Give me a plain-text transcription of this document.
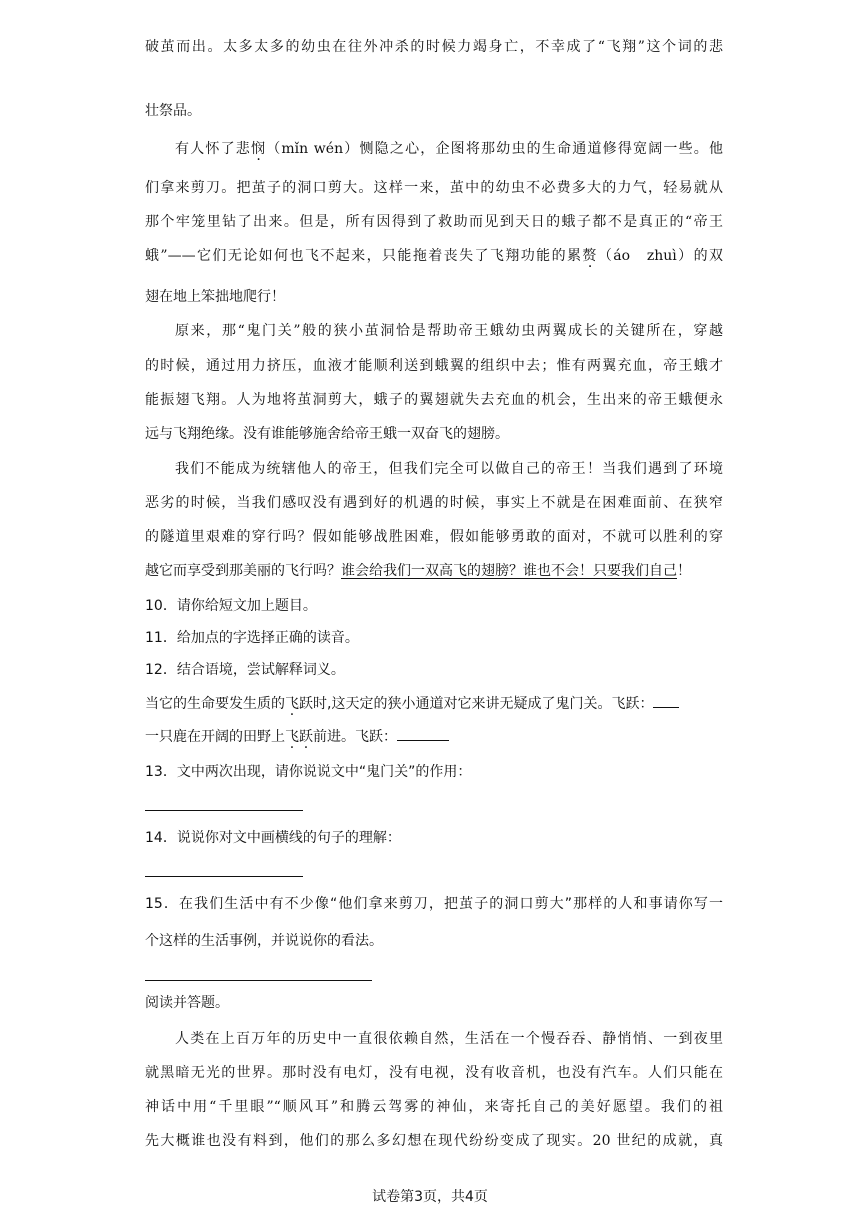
破茧而出。太多太多的幼虫在往外冲杀的时候力竭身亡，不幸成了“飞翔”这个词的悲
壮祭品。
有人怀了悲悯（mǐn wén）恻隐之心，企图将那幼虫的生命通道修得宽阔一些。他
们拿来剪刀。把茧子的洞口剪大。这样一来，茧中的幼虫不必费多大的力气，轻易就从
那个牢笼里钻了出来。但是，所有因得到了救助而见到天日的蛾子都不是真正的“帝王
蛾”——它们无论如何也飞不起来，只能拖着丧失了飞翔功能的累赘（áo　zhuì）的双
翅在地上笨拙地爬行！
原来，那“鬼门关”般的狭小茧洞恰是帮助帝王蛾幼虫两翼成长的关键所在，穿越
的时候，通过用力挤压，血液才能顺利送到蛾翼的组织中去；惟有两翼充血，帝王蛾才
能振翅飞翔。人为地将茧洞剪大，蛾子的翼翅就失去充血的机会，生出来的帝王蛾便永
远与飞翔绝缘。没有谁能够施舍给帝王蛾一双奋飞的翅膀。
我们不能成为统辖他人的帝王，但我们完全可以做自己的帝王！当我们遇到了环境
恶劣的时候，当我们感叹没有遇到好的机遇的时候，事实上不就是在困难面前、在狭窄
的隧道里艰难的穿行吗？假如能够战胜困难，假如能够勇敢的面对，不就可以胜利的穿
越它而享受到那美丽的飞行吗？谁会给我们一双高飞的翅膀？谁也不会！只要我们自己！
10．请你给短文加上题目。
11．给加点的字选择正确的读音。
12．结合语境，尝试解释词义。
当它的生命要发生质的飞跃时,这天定的狭小通道对它来讲无疑成了鬼门关。飞跃：
一只鹿在开阔的田野上飞跃前进。飞跃：
13．文中两次出现，请你说说文中“鬼门关”的作用：
14．说说你对文中画横线的句子的理解：
15．在我们生活中有不少像“他们拿来剪刀，把茧子的洞口剪大”那样的人和事请你写一
个这样的生活事例，并说说你的看法。
阅读并答题。
人类在上百万年的历史中一直很依赖自然，生活在一个慢吞吞、静悄悄、一到夜里
就黑暗无光的世界。那时没有电灯，没有电视，没有收音机，也没有汽车。人们只能在
神话中用“千里眼”“顺风耳”和腾云驾雾的神仙，来寄托自己的美好愿望。我们的祖
先大概谁也没有料到，他们的那么多幻想在现代纷纷变成了现实。20 世纪的成就，真
试卷第3页，共4页
